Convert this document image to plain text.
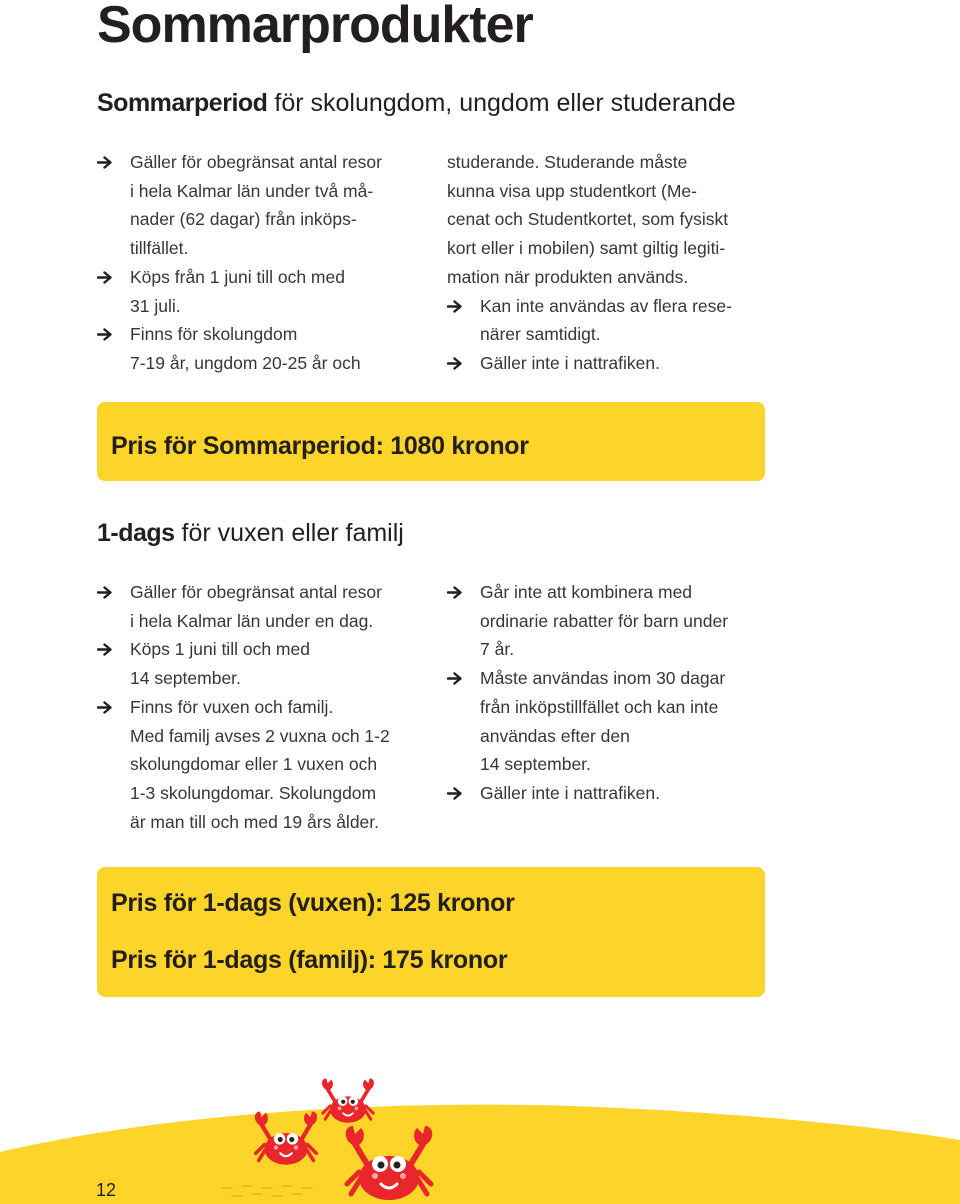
Sommarprodukter
Sommarperiod för skolungdom, ungdom eller studerande
Gäller för obegränsat antal resor
i hela Kalmar län under två må-
nader (62 dagar) från inköps-
tillfället.
Köps från 1 juni till och med
31 juli.
Finns för skolungdom
7-19 år, ungdom 20-25 år och
studerande. Studerande måste
kunna visa upp studentkort (Me-
cenat och Studentkortet, som fysiskt
kort eller i mobilen) samt giltig legiti-
mation när produkten används.
Kan inte användas av flera rese-
närer samtidigt.
Gäller inte i nattrafiken.
Pris för Sommarperiod: 1080 kronor
1-dags för vuxen eller familj
Gäller för obegränsat antal resor
i hela Kalmar län under en dag.
Köps 1 juni till och med
14 september.
Finns för vuxen och familj.
Med familj avses 2 vuxna och 1-2
skolungdomar eller 1 vuxen och
1-3 skolungdomar. Skolungdom
är man till och med 19 års ålder.
Går inte att kombinera med
ordinarie rabatter för barn under
7 år.
Måste användas inom 30 dagar
från inköpstillfället och kan inte
användas efter den
14 september.
Gäller inte i nattrafiken.
Pris för 1-dags (vuxen): 125 kronor
Pris för 1-dags (familj): 175 kronor
12
